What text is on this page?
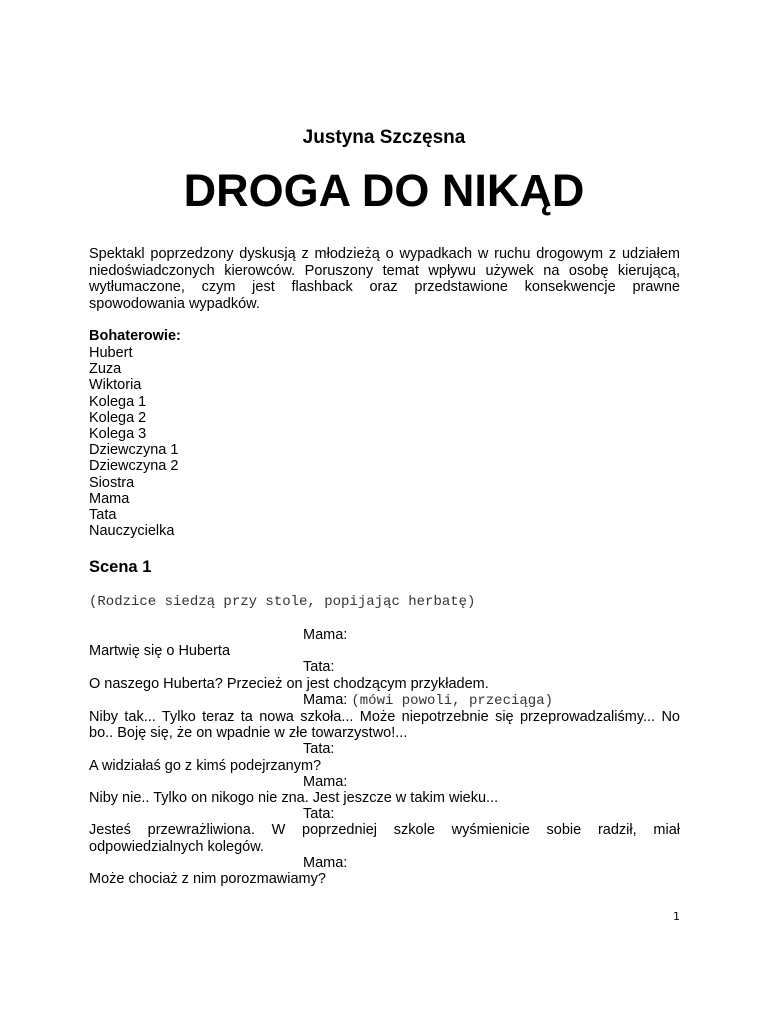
Justyna Szczęsna
DROGA DO NIKĄD

Spektakl poprzedzony dyskusją z młodzieżą o wypadkach w ruchu drogowym z udziałem niedoświadczonych kierowców. Poruszony temat wpływu używek na osobę kierującą, wytłumaczone, czym jest flashback oraz przedstawione konsekwencje prawne spowodowania wypadków.

Bohaterowie:
Hubert
Zuza
Wiktoria
Kolega 1
Kolega 2
Kolega 3
Dziewczyna 1
Dziewczyna 2
Siostra
Mama
Tata
Nauczycielka
Scena 1
(Rodzice siedzą przy stole, popijając herbatę)
Mama:
Martwię się o Huberta
Tata:
O naszego Huberta? Przecież on jest chodzącym przykładem.
Mama: (mówi powoli, przeciąga)
Niby tak... Tylko teraz ta nowa szkoła... Może niepotrzebnie się przeprowadzaliśmy... No bo.. Boję się, że on wpadnie w złe towarzystwo!...
Tata:
A widziałaś go z kimś podejrzanym?
Mama:
Niby nie.. Tylko on nikogo nie zna. Jest jeszcze w takim wieku...
Tata:
Jesteś przewrażliwiona. W poprzedniej szkole wyśmienicie sobie radził, miał odpowiedzialnych kolegów.
Mama:
Może chociaż z nim porozmawiamy?
1
